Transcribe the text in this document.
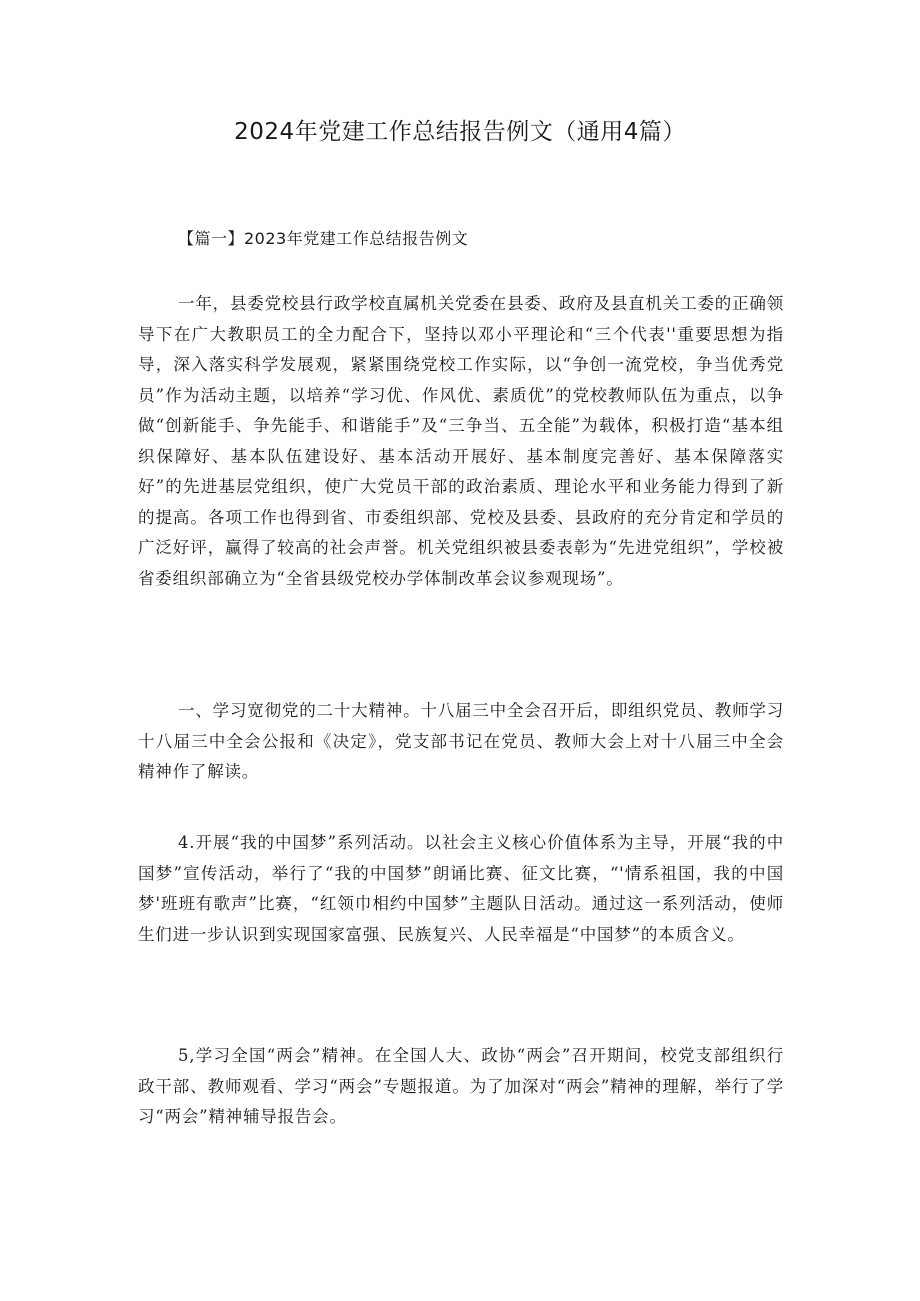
2024年党建工作总结报告例文（通用4篇）
【篇一】2023年党建工作总结报告例文

一年，县委党校县行政学校直属机关党委在县委、政府及县直机关工委的正确领导下在广大教职员工的全力配合下，坚持以邓小平理论和“三个代表''重要思想为指导，深入落实科学发展观，紧紧围绕党校工作实际，以“争创一流党校，争当优秀党员”作为活动主题，以培养“学习优、作风优、素质优”的党校教师队伍为重点，以争做“创新能手、争先能手、和谐能手”及“三争当、五全能”为载体，积极打造“基本组织保障好、基本队伍建设好、基本活动开展好、基本制度完善好、基本保障落实好”的先进基层党组织，使广大党员干部的政治素质、理论水平和业务能力得到了新的提高。各项工作也得到省、市委组织部、党校及县委、县政府的充分肯定和学员的广泛好评，赢得了较高的社会声誉。机关党组织被县委表彰为“先进党组织”，学校被省委组织部确立为“全省县级党校办学体制改革会议参观现场”。

一、学习宽彻党的二十大精神。十八届三中全会召开后，即组织党员、教师学习十八届三中全会公报和《决定》，党支部书记在党员、教师大会上对十八届三中全会精神作了解读。

4.开展“我的中国梦”系列活动。以社会主义核心价值体系为主导，开展“我的中国梦”宣传活动，举行了“我的中国梦”朗诵比赛、征文比赛，“'情系祖国，我的中国梦'班班有歌声”比赛，“红领巾相约中国梦”主题队日活动。通过这一系列活动，使师生们进一步认识到实现国家富强、民族复兴、人民幸福是“中国梦”的本质含义。

5,学习全国“两会”精神。在全国人大、政协“两会”召开期间，校党支部组织行政干部、教师观看、学习“两会”专题报道。为了加深对“两会”精神的理解，举行了学习“两会”精神辅导报告会。
